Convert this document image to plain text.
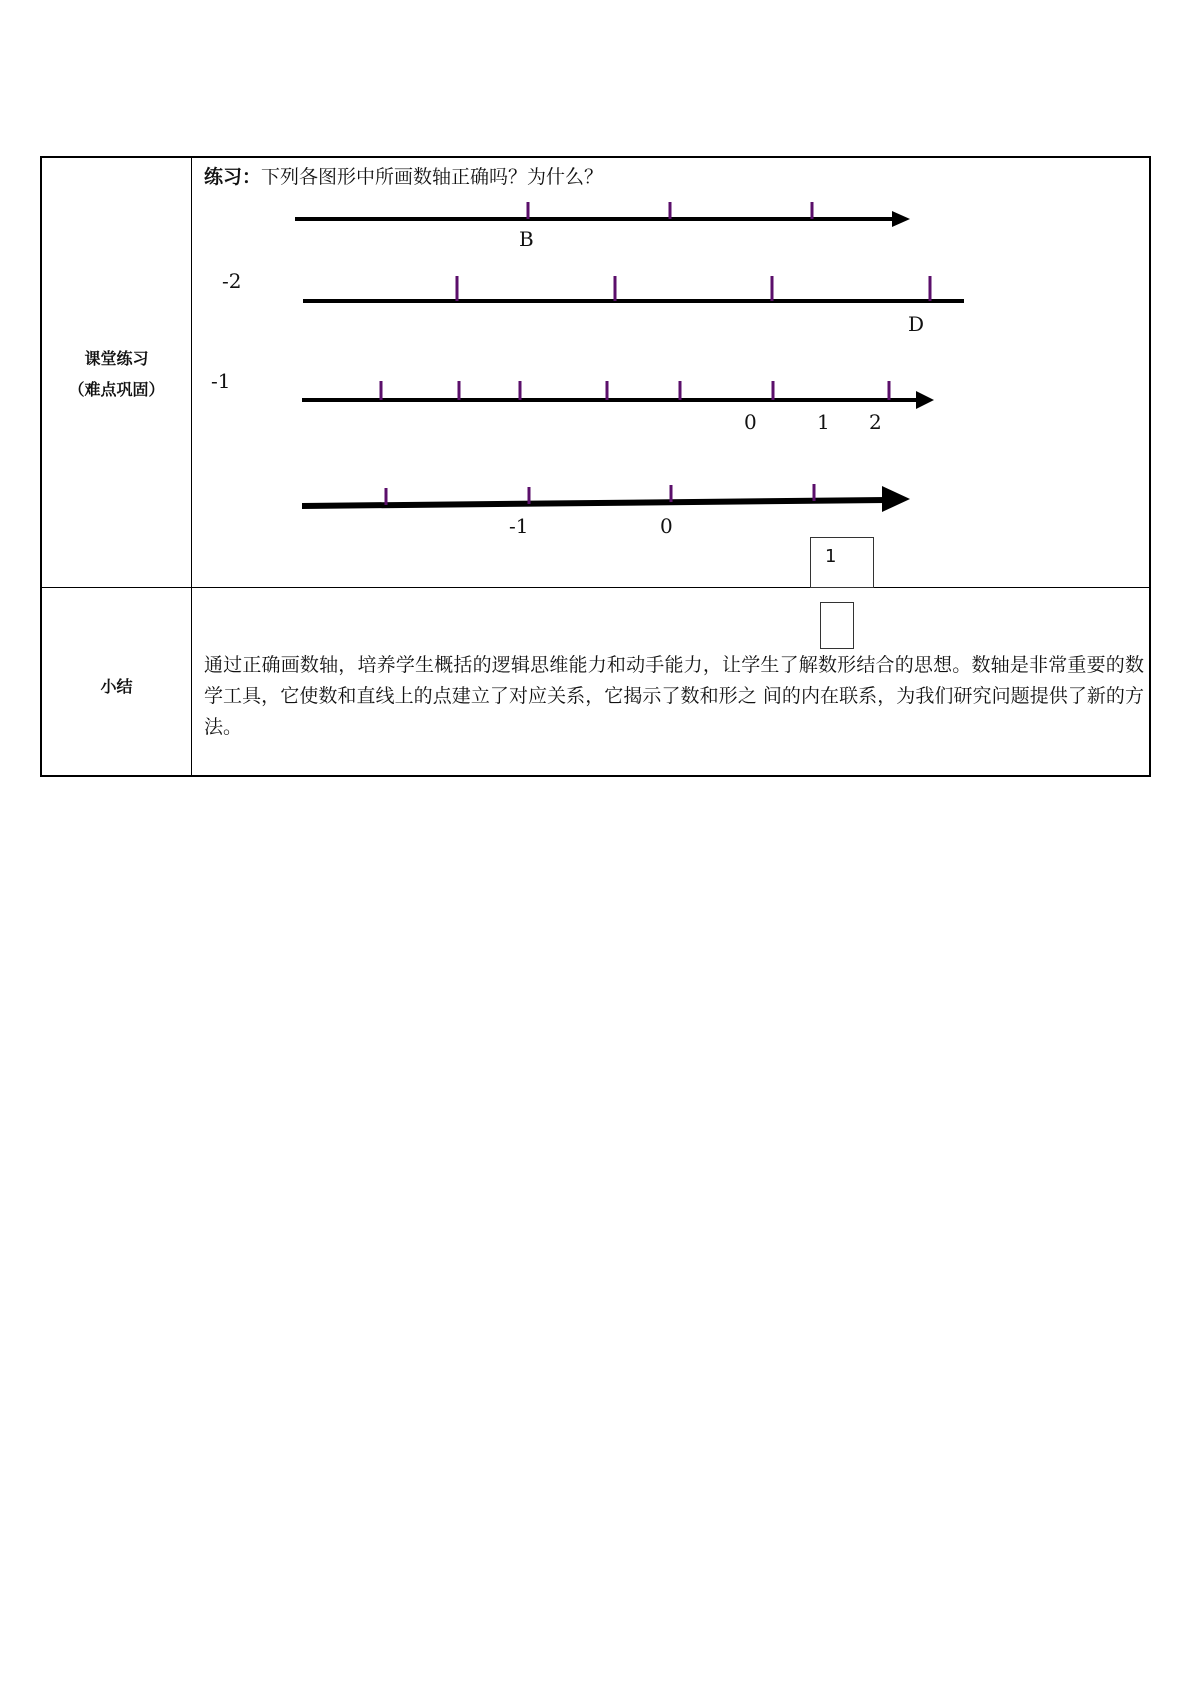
课堂练习
（难点巩固）
小结
练习：下列各图形中所画数轴正确吗？为什么？
B
-2
D
-1
0	1 2
-1	0
通过正确画数轴，培养学生概括的逻辑思维能力和动手能力，让学生了解数形结合的思想。数轴是非常重要的数学工具，它使数和直线上的点建立了对应关系，它揭示了数和形之 间的内在联系，为我们研究问题提供了新的方法。
1
